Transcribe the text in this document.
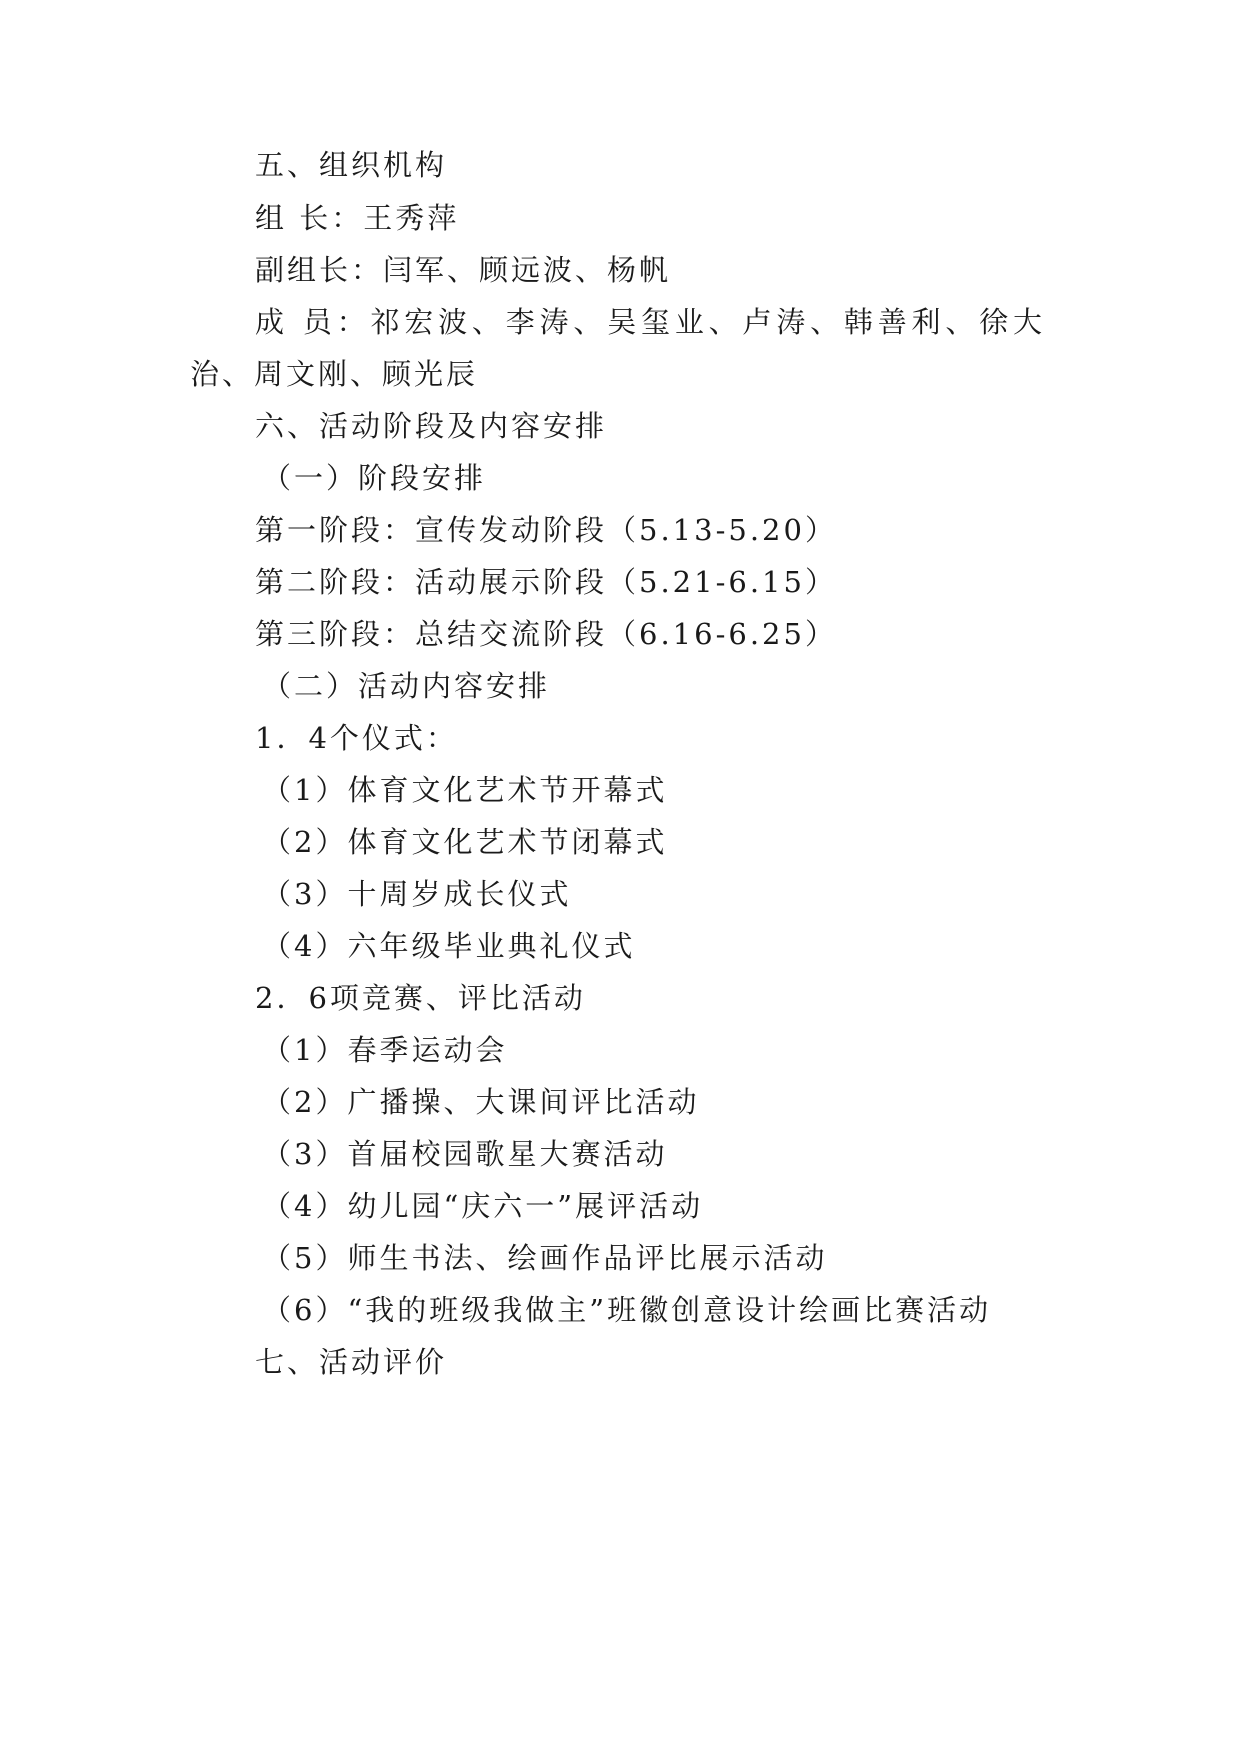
五、组织机构
组 长：王秀萍
副组长：闫军、顾远波、杨帆
成 员：祁宏波、李涛、吴玺业、卢涛、韩善利、徐大
治、周文刚、顾光辰
六、活动阶段及内容安排
（一）阶段安排
第一阶段：宣传发动阶段（5.13-5.20）
第二阶段：活动展示阶段（5.21-6.15）
第三阶段：总结交流阶段（6.16-6.25）
（二）活动内容安排
1．4个仪式：
（1）体育文化艺术节开幕式
（2）体育文化艺术节闭幕式
（3）十周岁成长仪式
（4）六年级毕业典礼仪式
2．6项竞赛、评比活动
（1）春季运动会
（2）广播操、大课间评比活动
（3）首届校园歌星大赛活动
（4）幼儿园“庆六一”展评活动
（5）师生书法、绘画作品评比展示活动
（6）“我的班级我做主”班徽创意设计绘画比赛活动
七、活动评价
